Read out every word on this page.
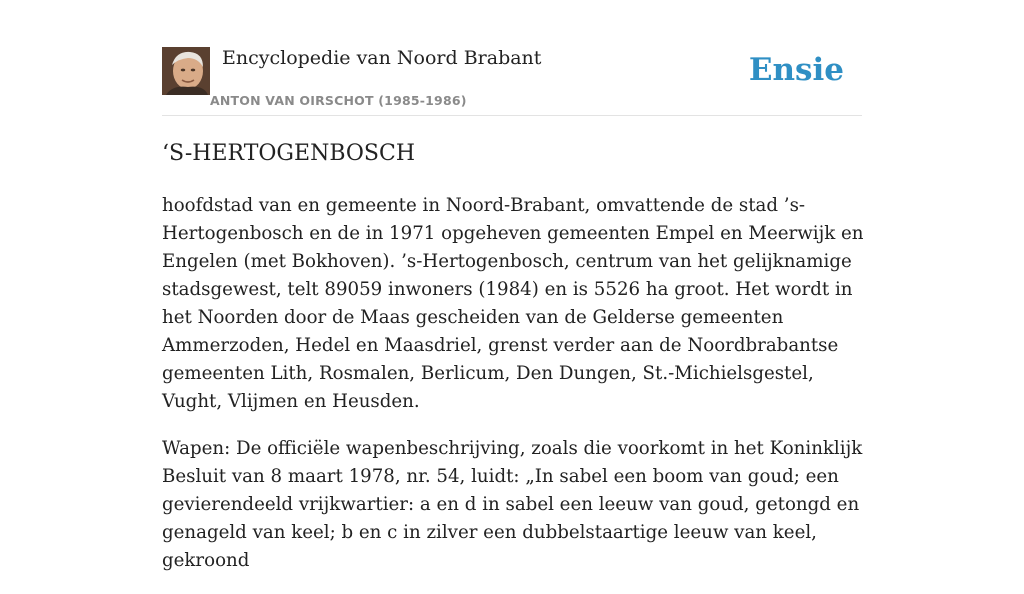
Encyclopedie van Noord Brabant
ANTON VAN OIRSCHOT (1985-1986)
Ensie
‘S-HERTOGENBOSCH

hoofdstad van en gemeente in Noord-Brabant, omvattende de stad ’s-Hertogenbosch en de in 1971 opgeheven gemeenten Empel en Meerwijk en Engelen (met Bokhoven). ’s-Hertogenbosch, centrum van het gelijknamige stadsgewest, telt 89059 inwoners (1984) en is 5526 ha groot. Het wordt in het Noorden door de Maas gescheiden van de Gelderse gemeenten Ammerzoden, Hedel en Maasdriel, grenst verder aan de Noordbrabantse gemeenten Lith, Rosmalen, Berlicum, Den Dungen, St.-Michielsgestel, Vught, Vlijmen en Heusden.

Wapen: De officiële wapenbeschrijving, zoals die voorkomt in het Koninklijk Besluit van 8 maart 1978, nr. 54, luidt: „In sabel een boom van goud; een gevierendeeld vrijkwartier: a en d in sabel een leeuw van goud, getongd en genageld van keel; b en c in zilver een dubbelstaartige leeuw van keel, gekroond
